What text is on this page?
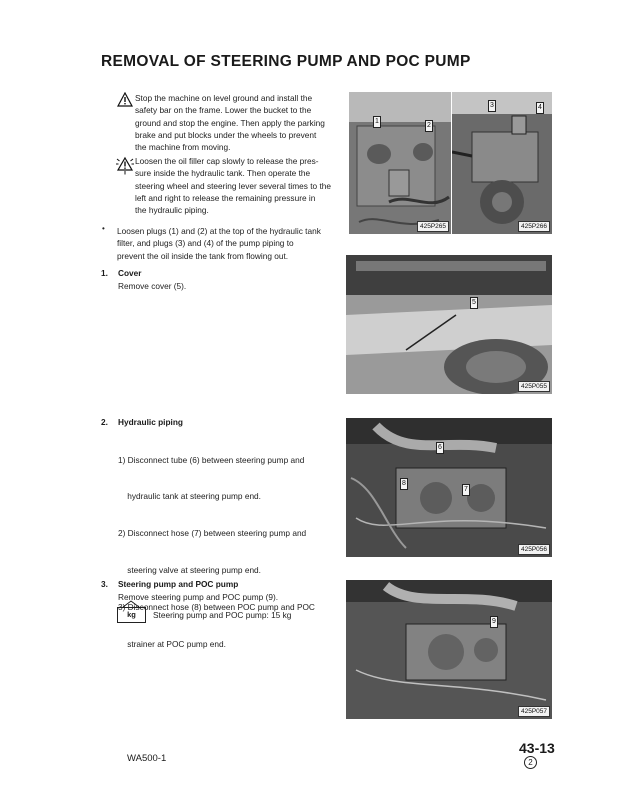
REMOVAL OF STEERING PUMP AND POC PUMP
Stop the machine on level ground and install the
safety bar on the frame. Lower the bucket to the
ground and stop the engine. Then apply the parking
brake and put blocks under the wheels to prevent
the machine from moving.
Loosen the oil filler cap slowly to release the pres-
sure inside the hydraulic tank. Then operate the
steering wheel and steering lever several times to the
left and right to release the remaining pressure in
the hydraulic piping.
• Loosen plugs (1) and (2) at the top of the hydraulic tank
filter, and plugs (3) and (4) of the pump piping to
prevent the oil inside the tank from flowing out.
1. Cover
Remove cover (5).
2. Hydraulic piping

1) Disconnect tube (6) between steering pump and

hydraulic tank at steering pump end.

2) Disconnect hose (7) between steering pump and

steering valve at steering pump end.

3) Disconnect hose (8) between POC pump and POC

strainer at POC pump end.

3. Steering pump and POC pump
Remove steering pump and POC pump (9).
kg	Steering pump and POC pump: 15 kg
1
2
425P265
3	4
425P266
5
425P055
6
7
8
425P056
9
425P057
WA500-1
43-13
2
